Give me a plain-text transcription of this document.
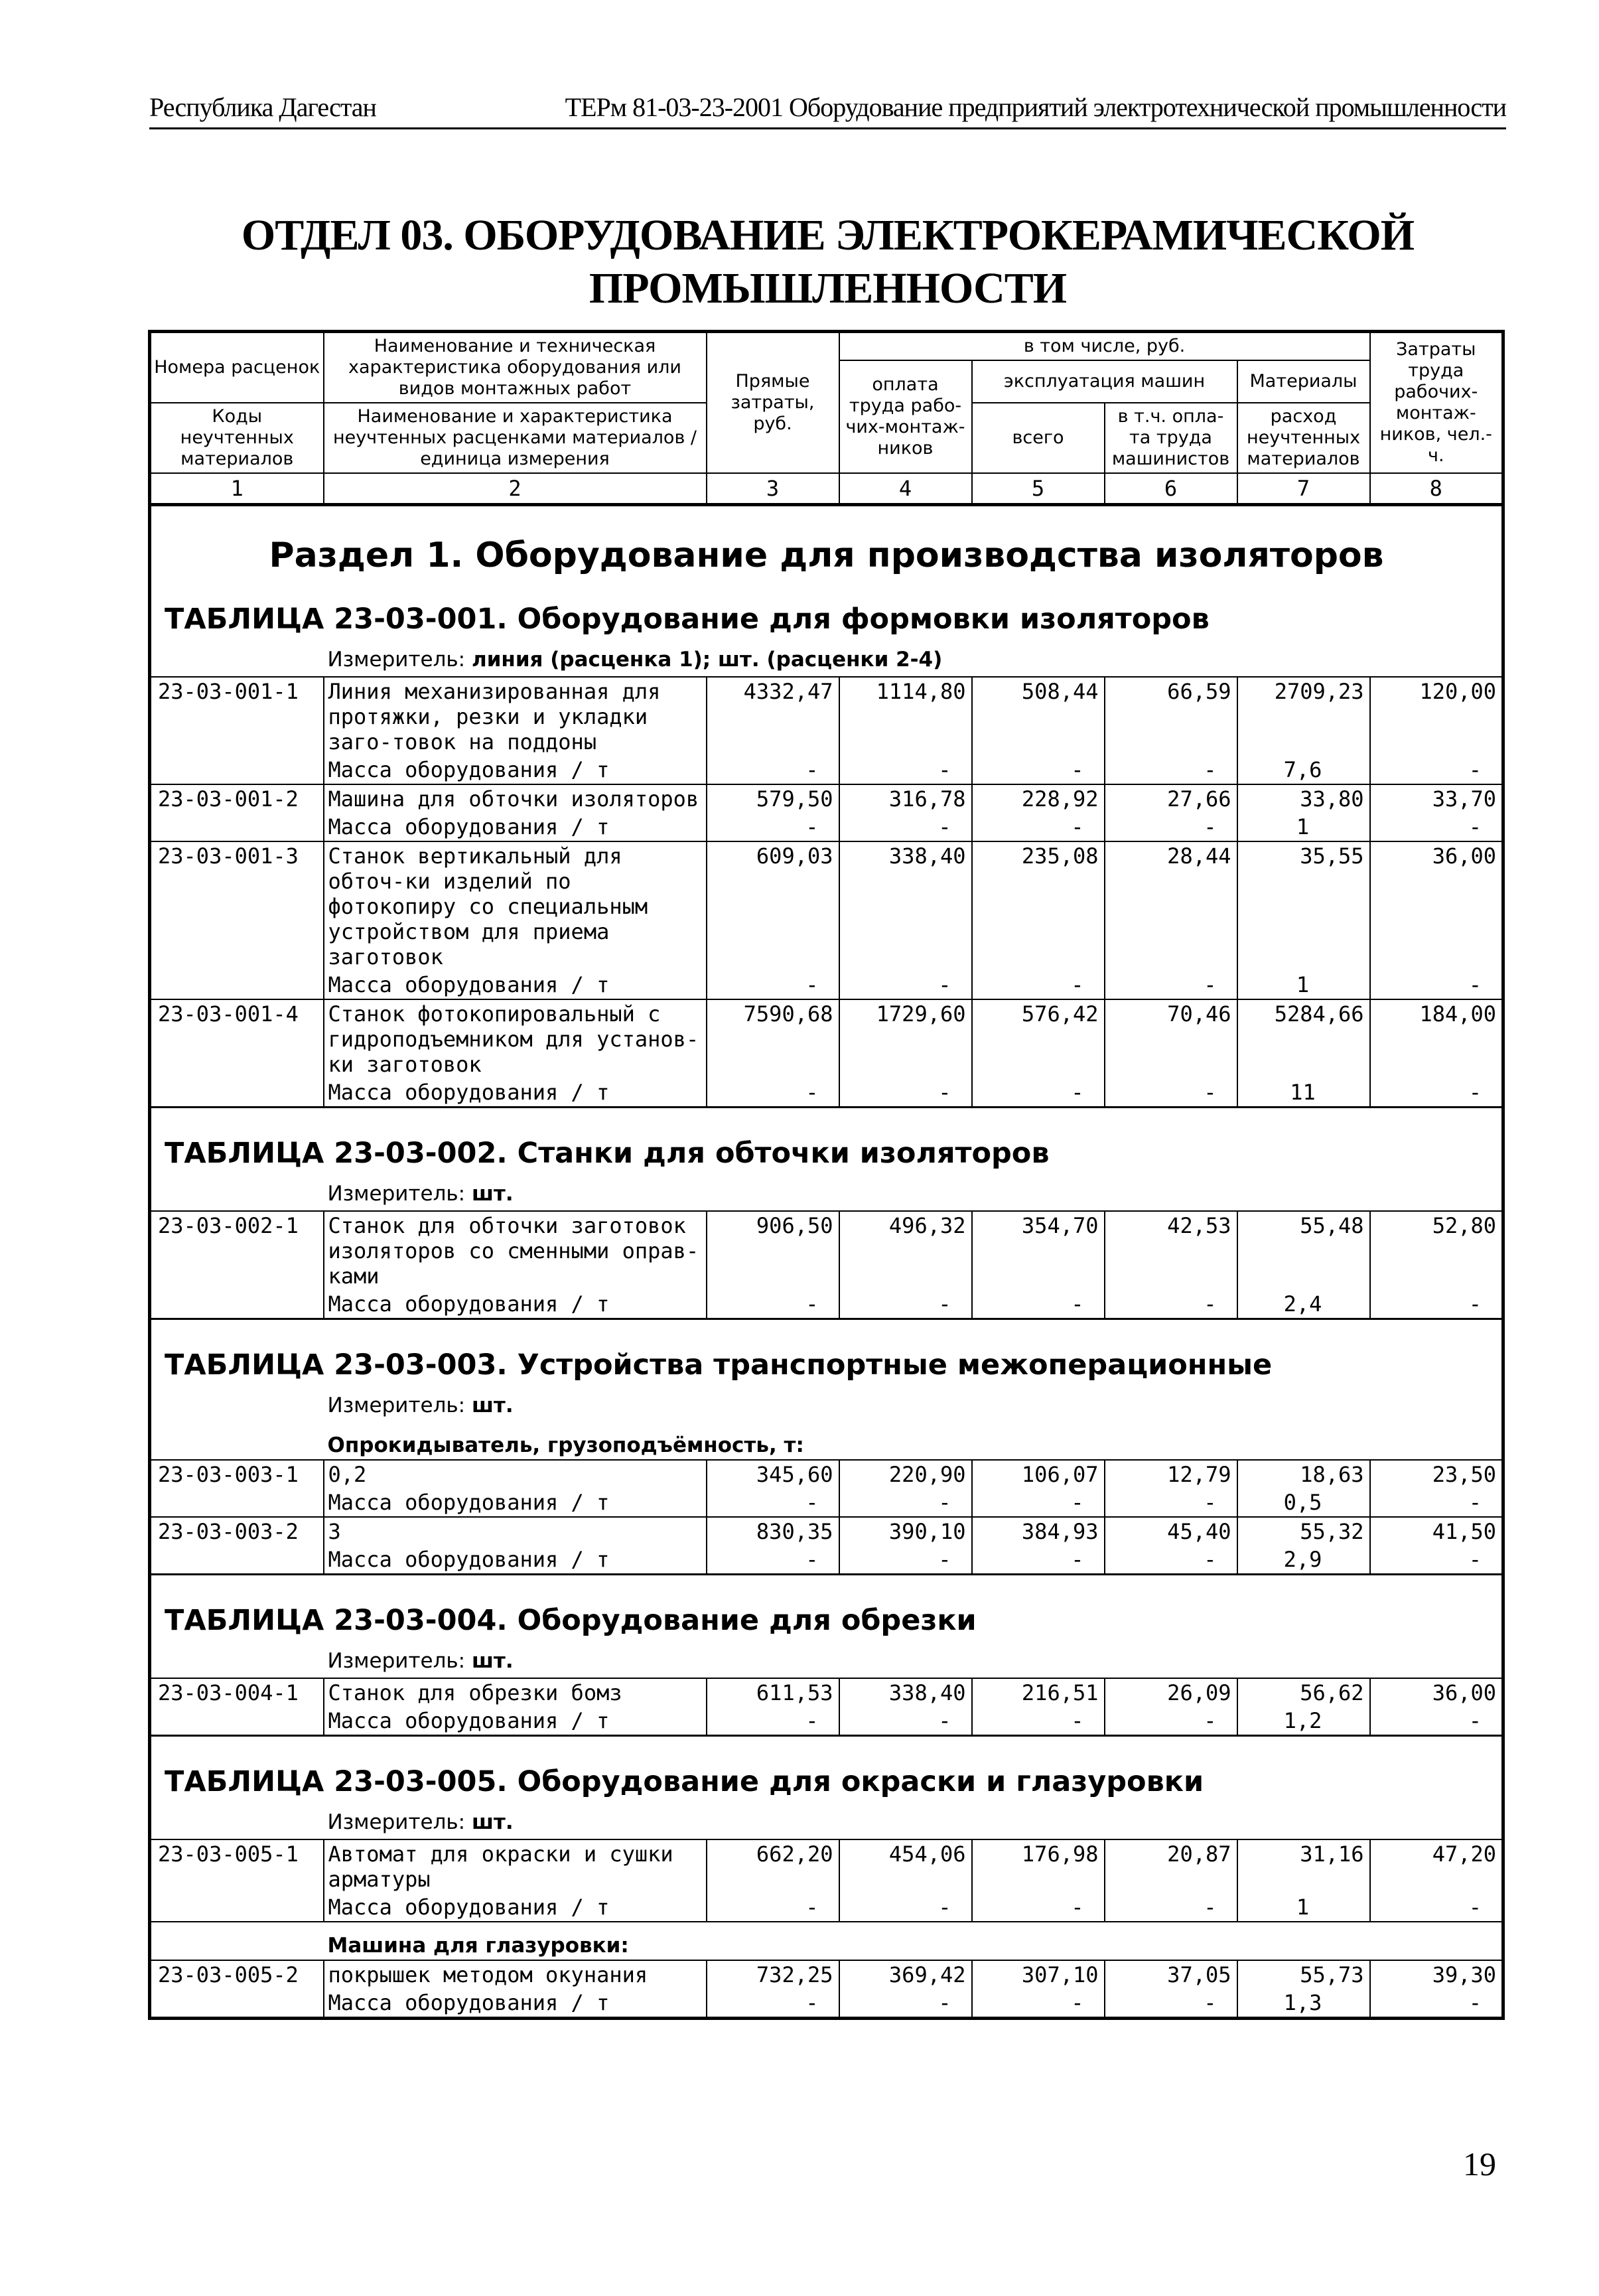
Республика Дагестан	ТЕРм 81-03-23-2001 Оборудование предприятий электротехнической промышленности
ОТДЕЛ 03. ОБОРУДОВАНИЕ ЭЛЕКТРОКЕРАМИЧЕСКОЙ
ПРОМЫШЛЕННОСТИ
Номера расценок	Наименование и техническая характеристика оборудования или видов монтажных работ	Прямые затраты, руб.	в том числе, руб.				Затраты труда рабочих-монтаж-ников, чел.-ч.
			оплата труда рабо-чих-монтаж-ников	эксплуатация машин		Материалы	
Коды неучтенных материалов	Наименование и характеристика неучтенных расценками материалов / единица измерения			всего	в т.ч. опла-та труда машинистов	расход неучтенных материалов	

1	2	3	4	5	6	7	8
Раздел 1. Оборудование для производства изоляторов							
ТАБЛИЦА 23-03-001. Оборудование для формовки изоляторов							
	Измеритель: линия (расценка 1); шт. (расценки 2-4)						
23-03-001-1	Линия механизированная для протяжки, резки и укладки заго-товок на поддоны	4332,47	1114,80	508,44	66,59	2709,23	120,00
	Масса оборудования / т	-	-	-	-	7,6	-
23-03-001-2	Машина для обточки изоляторов	579,50	316,78	228,92	27,66	33,80	33,70
	Масса оборудования / т	-	-	-	-	1	-
23-03-001-3	Станок вертикальный для обточ-ки изделий по фотокопиру со специальным устройством для приема заготовок	609,03	338,40	235,08	28,44	35,55	36,00
	Масса оборудования / т	-	-	-	-	1	-
23-03-001-4	Станок фотокопировальный с гидроподъемником для установ-ки заготовок	7590,68	1729,60	576,42	70,46	5284,66	184,00
	Масса оборудования / т	-	-	-	-	11	-
ТАБЛИЦА 23-03-002. Станки для обточки изоляторов							
	Измеритель: шт.						
23-03-002-1	Станок для обточки заготовок изоляторов со сменными оправ-ками	906,50	496,32	354,70	42,53	55,48	52,80
	Масса оборудования / т	-	-	-	-	2,4	-
ТАБЛИЦА 23-03-003. Устройства транспортные межоперационные							
	Измеритель: шт.						
	Опрокидыватель, грузоподъёмность, т:						
23-03-003-1	0,2	345,60	220,90	106,07	12,79	18,63	23,50
	Масса оборудования / т	-	-	-	-	0,5	-
23-03-003-2	3	830,35	390,10	384,93	45,40	55,32	41,50
	Масса оборудования / т	-	-	-	-	2,9	-
ТАБЛИЦА 23-03-004. Оборудование для обрезки							
	Измеритель: шт.						
23-03-004-1	Станок для обрезки бомз	611,53	338,40	216,51	26,09	56,62	36,00
	Масса оборудования / т	-	-	-	-	1,2	-
ТАБЛИЦА 23-03-005. Оборудование для окраски и глазуровки							
	Измеритель: шт.						
23-03-005-1	Автомат для окраски и сушки арматуры	662,20	454,06	176,98	20,87	31,16	47,20
	Масса оборудования / т	-	-	-	-	1	-
	Машина для глазуровки:						
23-03-005-2	покрышек методом окунания	732,25	369,42	307,10	37,05	55,73	39,30
	Масса оборудования / т	-	-	-	-	1,3	-
19
